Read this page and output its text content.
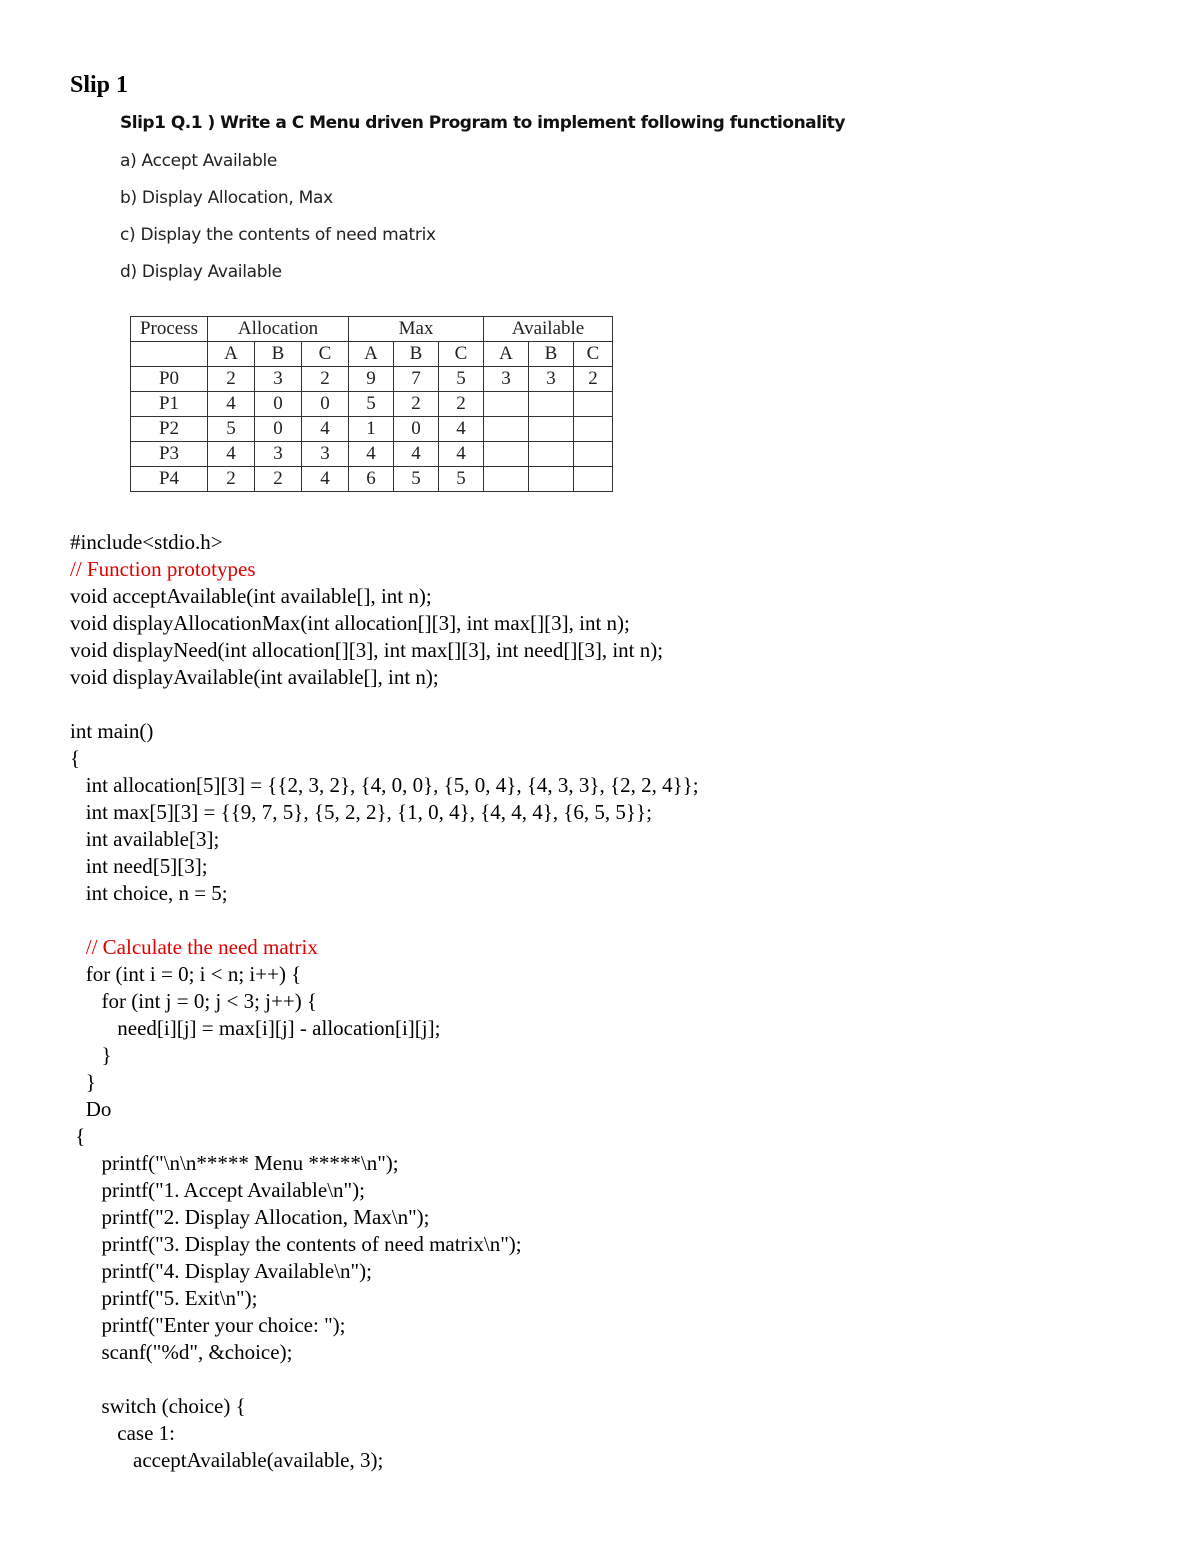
Slip 1
Slip1 Q.1 ) Write a C Menu driven Program to implement following functionality
a) Accept Available
b) Display Allocation, Max
c) Display the contents of need matrix
d) Display Available
Process	Allocation			Max			Available		
	A	B	C	A	B	C	A	B	C
P0	2	3	2	9	7	5	3	3	2
P1	4	0	0	5	2	2			
P2	5	0	4	1	0	4			
P3	4	3	3	4	4	4			
P4	2	2	4	6	5	5			
#include<stdio.h>
// Function prototypes
void acceptAvailable(int available[], int n);
void displayAllocationMax(int allocation[][3], int max[][3], int n);
void displayNeed(int allocation[][3], int max[][3], int need[][3], int n);
void displayAvailable(int available[], int n);
int main()
{
int allocation[5][3] = {{2, 3, 2}, {4, 0, 0}, {5, 0, 4}, {4, 3, 3}, {2, 2, 4}};
int max[5][3] = {{9, 7, 5}, {5, 2, 2}, {1, 0, 4}, {4, 4, 4}, {6, 5, 5}};
int available[3];
int need[5][3];
int choice, n = 5;
// Calculate the need matrix
for (int i = 0; i < n; i++) {
for (int j = 0; j < 3; j++) {
need[i][j] = max[i][j] - allocation[i][j];
}
}
Do
{
printf("\n\n***** Menu *****\n");
printf("1. Accept Available\n");
printf("2. Display Allocation, Max\n");
printf("3. Display the contents of need matrix\n");
printf("4. Display Available\n");
printf("5. Exit\n");
printf("Enter your choice: ");
scanf("%d", &choice);
switch (choice) {
case 1:
acceptAvailable(available, 3);
